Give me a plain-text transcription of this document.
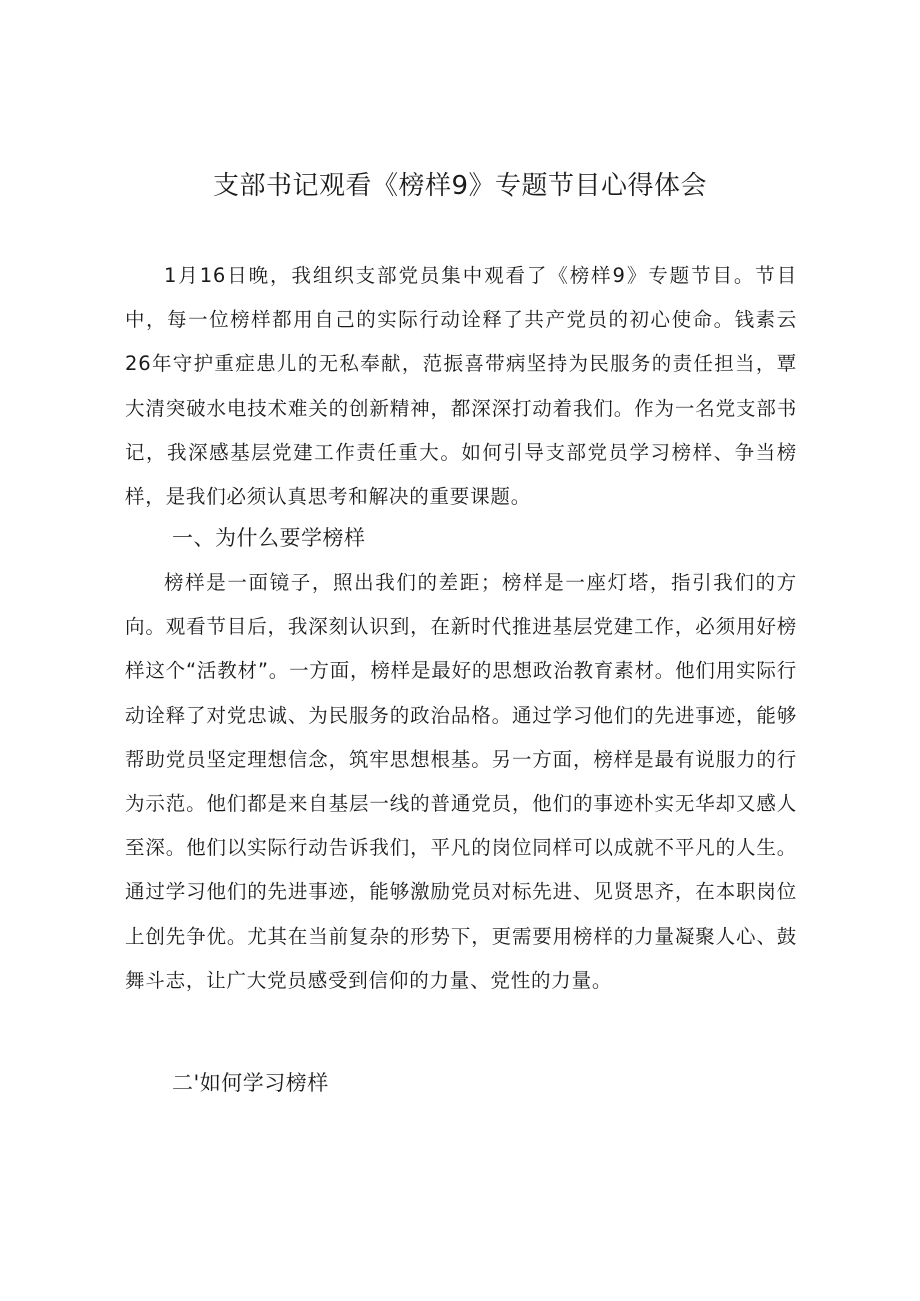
支部书记观看《榜样9》专题节目心得体会

1月16日晚，我组织支部党员集中观看了《榜样9》专题节目。节目中，每一位榜样都用自己的实际行动诠释了共产党员的初心使命。钱素云26年守护重症患儿的无私奉献，范振喜带病坚持为民服务的责任担当，覃大清突破水电技术难关的创新精神，都深深打动着我们。作为一名党支部书记，我深感基层党建工作责任重大。如何引导支部党员学习榜样、争当榜样，是我们必须认真思考和解决的重要课题。

一、为什么要学榜样

榜样是一面镜子，照出我们的差距；榜样是一座灯塔，指引我们的方向。观看节目后，我深刻认识到，在新时代推进基层党建工作，必须用好榜样这个“活教材”。一方面，榜样是最好的思想政治教育素材。他们用实际行动诠释了对党忠诚、为民服务的政治品格。通过学习他们的先进事迹，能够帮助党员坚定理想信念，筑牢思想根基。另一方面，榜样是最有说服力的行为示范。他们都是来自基层一线的普通党员，他们的事迹朴实无华却又感人至深。他们以实际行动告诉我们，平凡的岗位同样可以成就不平凡的人生。通过学习他们的先进事迹，能够激励党员对标先进、见贤思齐，在本职岗位上创先争优。尤其在当前复杂的形势下，更需要用榜样的力量凝聚人心、鼓舞斗志，让广大党员感受到信仰的力量、党性的力量。

二'如何学习榜样
